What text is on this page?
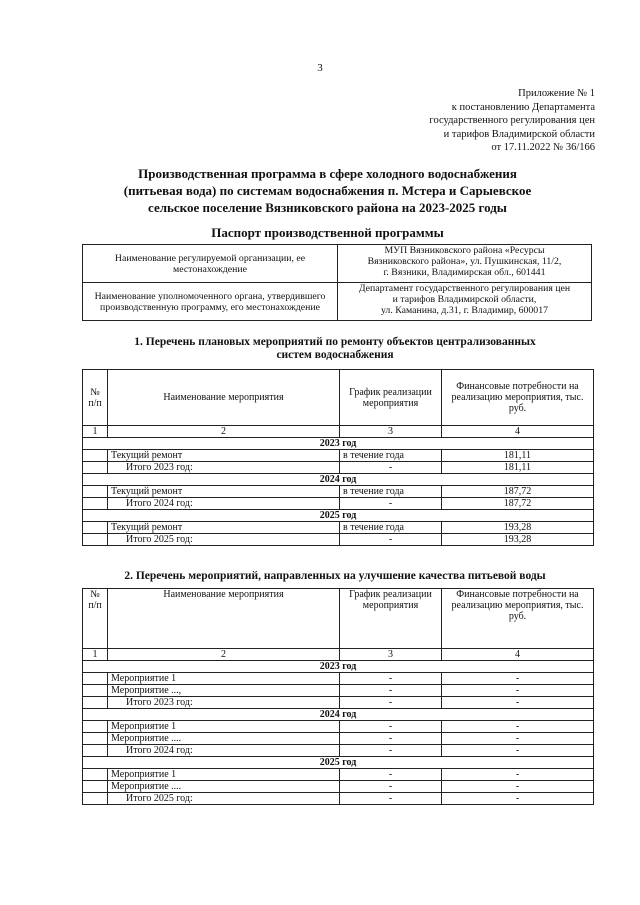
3
Приложение № 1
к постановлению Департамента
государственного регулирования цен
и тарифов Владимирской области
от 17.11.2022 № 36/166
Производственная программа в сфере холодного водоснабжения
(питьевая вода) по системам водоснабжения п. Мстера и Сарыевское
сельское поселение Вязниковского района на 2023-2025 годы
Паспорт производственной программы
Наименование регулируемой организации, ее местонахождение	МУП Вязниковского района «Ресурсы
Вязниковского района», ул. Пушкинская, 11/2,
г. Вязники, Владимирская обл., 601441

Наименование уполномоченного органа, утвердившего производственную программу, его местонахождение	Департамент государственного регулирования цен
и тарифов Владимирской области,
ул. Каманина, д.31, г. Владимир, 600017
1. Перечень плановых мероприятий по ремонту объектов централизованных
систем водоснабжения
№ п/п	Наименование мероприятия	График реализации мероприятия	Финансовые потребности на реализацию мероприятия, тыс. руб.
1	2	3	4
2023 год			
	Текущий ремонт	в течение года	181,11
	Итого 2023 год:	-	181,11
2024 год			
	Текущий ремонт	в течение года	187,72
	Итого 2024 год:	-	187,72
2025 год			
	Текущий ремонт	в течение года	193,28
	Итого 2025 год:	-	193,28
2. Перечень мероприятий, направленных на улучшение качества питьевой воды
№ п/п	Наименование мероприятия	График реализации мероприятия	Финансовые потребности на реализацию мероприятия, тыс. руб.
1	2	3	4
2023 год			
	Мероприятие 1	-	-
	Мероприятие ...,	-	-
	Итого 2023 год:	-	-
2024 год			
	Мероприятие 1	-	-
	Мероприятие ....	-	-
	Итого 2024 год:	-	-
2025 год			
	Мероприятие 1	-	-
	Мероприятие ....	-	-
	Итого 2025 год:	-	-
